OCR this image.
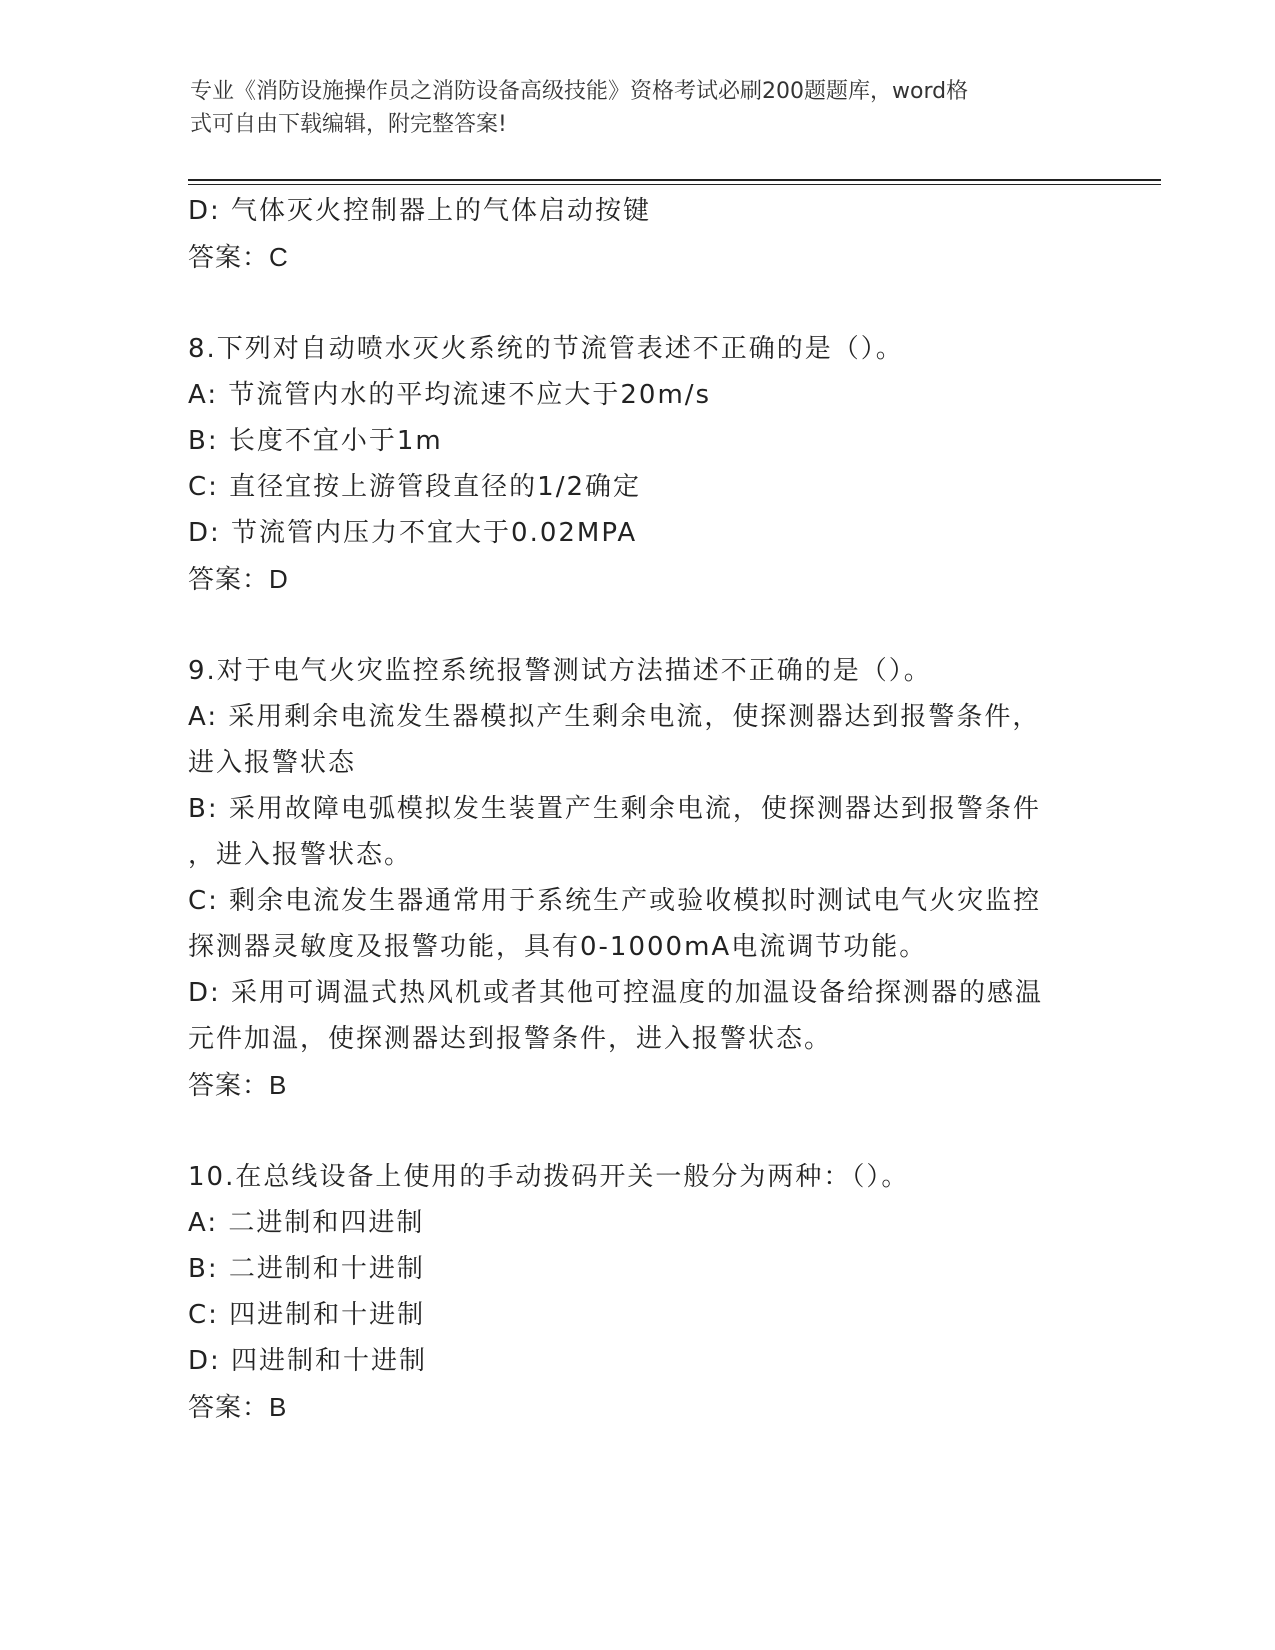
专业《消防设施操作员之消防设备高级技能》资格考试必刷200题题库，word格
式可自由下载编辑，附完整答案!

D: 气体灭火控制器上的气体启动按键

答案：C

8.下列对自动喷水灭火系统的节流管表述不正确的是（）。

A: 节流管内水的平均流速不应大于20m/s

B: 长度不宜小于1m

C: 直径宜按上游管段直径的1/2确定

D: 节流管内压力不宜大于0.02MPA

答案：D

9.对于电气火灾监控系统报警测试方法描述不正确的是（）。

A: 采用剩余电流发生器模拟产生剩余电流，使探测器达到报警条件，

进入报警状态

B: 采用故障电弧模拟发生装置产生剩余电流，使探测器达到报警条件

，进入报警状态。

C: 剩余电流发生器通常用于系统生产或验收模拟时测试电气火灾监控

探测器灵敏度及报警功能，具有0-1000mA电流调节功能。

D: 采用可调温式热风机或者其他可控温度的加温设备给探测器的感温

元件加温，使探测器达到报警条件，进入报警状态。

答案：B

10.在总线设备上使用的手动拨码开关一般分为两种：（）。

A: 二进制和四进制

B: 二进制和十进制

C: 四进制和十进制

D: 四进制和十进制

答案：B
